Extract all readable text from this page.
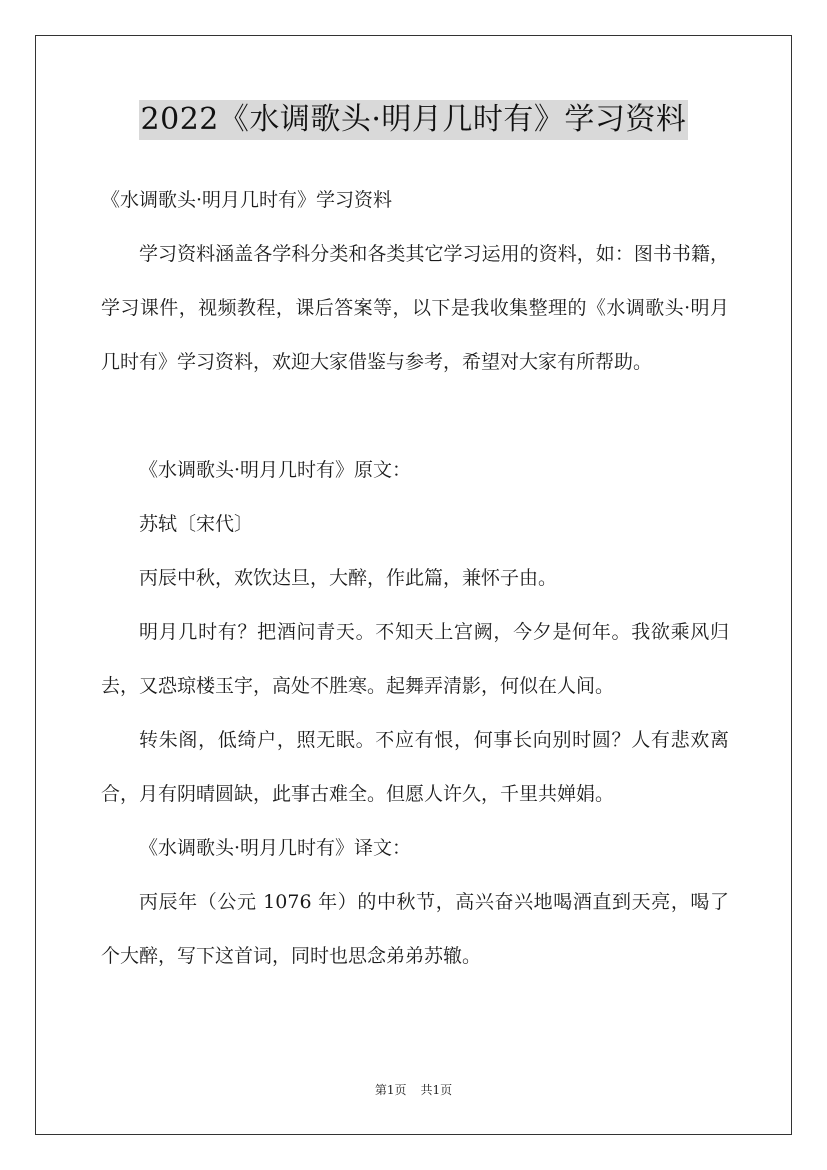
2022《水调歌头·明月几时有》学习资料

《水调歌头·明月几时有》学习资料

学习资料涵盖各学科分类和各类其它学习运用的资料，如：图书书籍，学习课件，视频教程，课后答案等，以下是我收集整理的《水调歌头·明月几时有》学习资料，欢迎大家借鉴与参考，希望对大家有所帮助。

《水调歌头·明月几时有》原文：

苏轼〔宋代〕

丙辰中秋，欢饮达旦，大醉，作此篇，兼怀子由。

明月几时有？把酒问青天。不知天上宫阙，今夕是何年。我欲乘风归去，又恐琼楼玉宇，高处不胜寒。起舞弄清影，何似在人间。

转朱阁，低绮户，照无眠。不应有恨，何事长向别时圆？人有悲欢离合，月有阴晴圆缺，此事古难全。但愿人许久，千里共婵娟。

《水调歌头·明月几时有》译文：

丙辰年（公元 1076 年）的中秋节，高兴奋兴地喝酒直到天亮，喝了个大醉，写下这首词，同时也思念弟弟苏辙。

第1页 共1页
